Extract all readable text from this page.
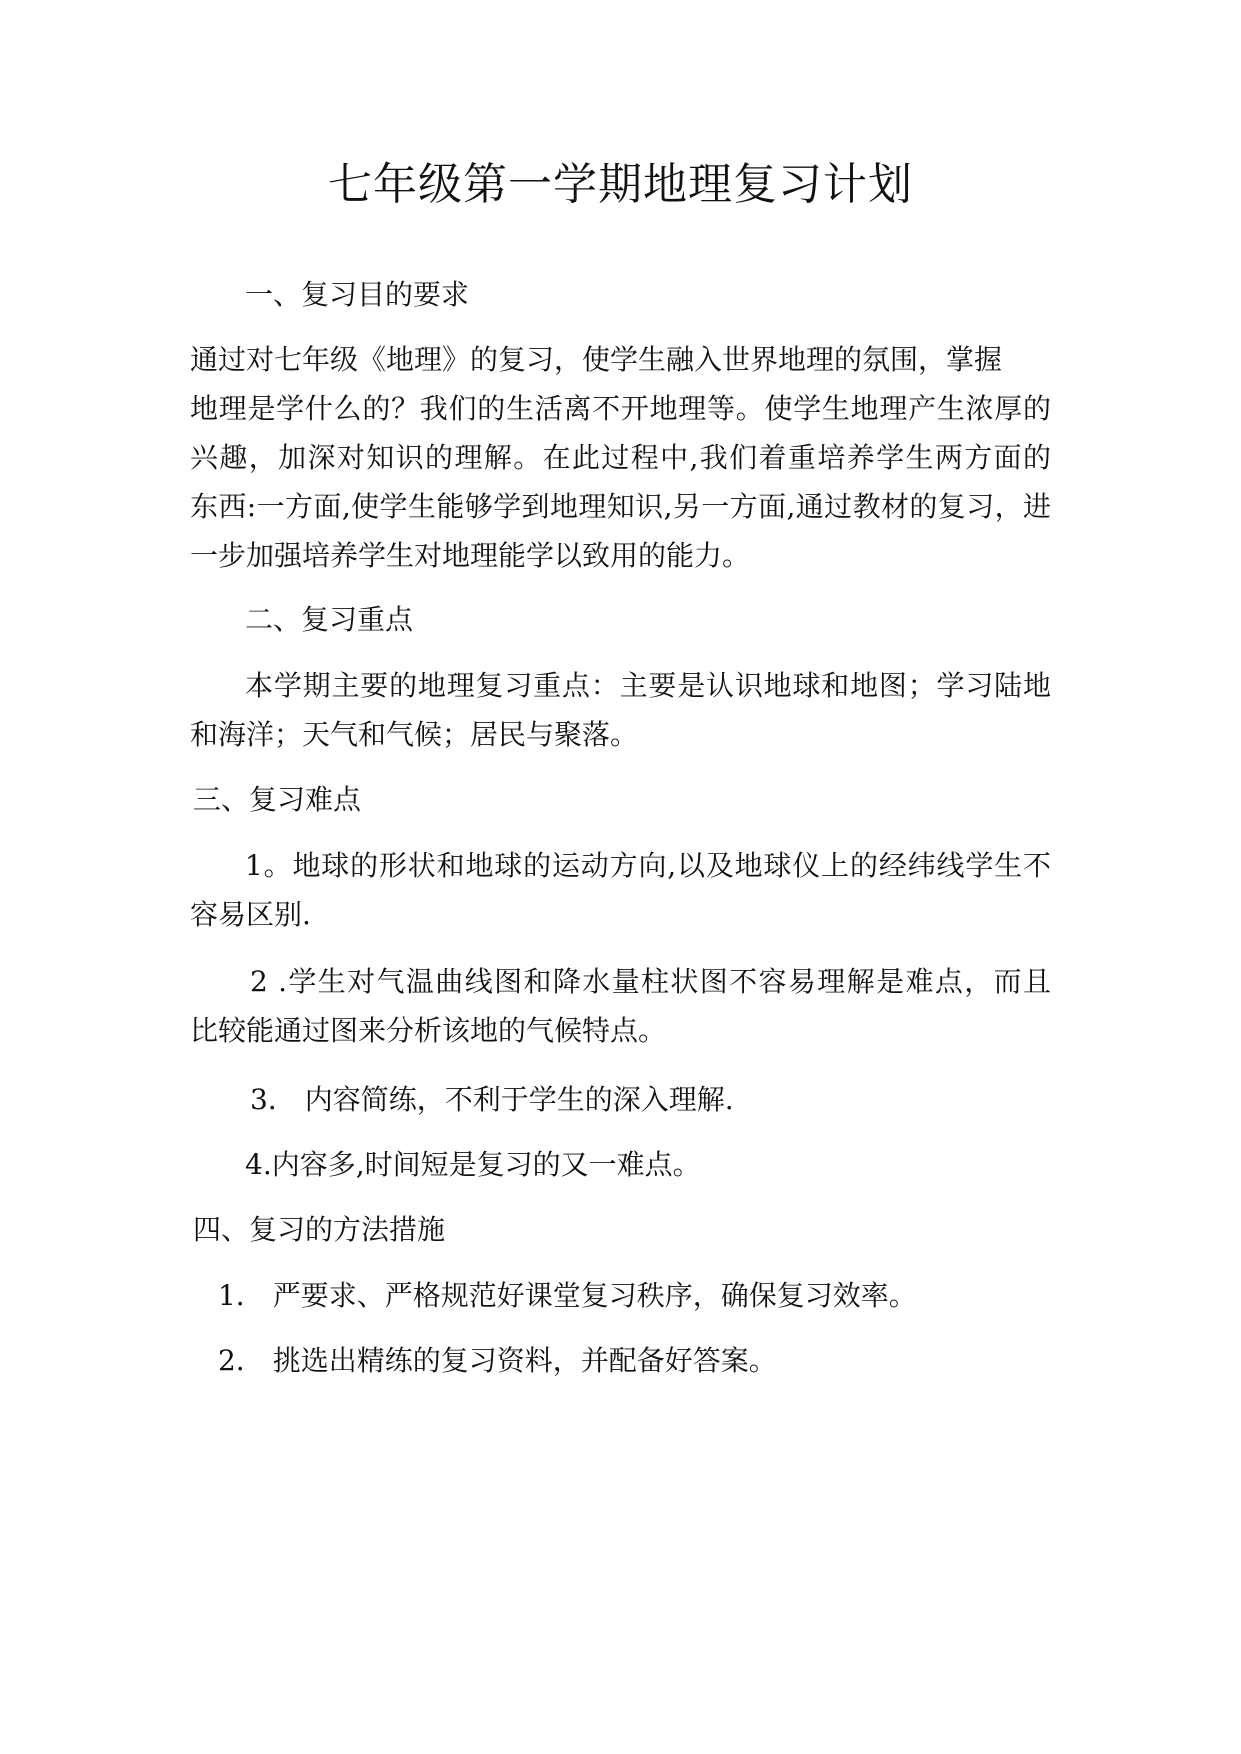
七年级第一学期地理复习计划
一、复习目的要求
通过对七年级《地理》的复习，使学生融入世界地理的氛围，掌握
地理是学什么的？我们的生活离不开地理等。使学生地理产生浓厚的
兴趣，加深对知识的理解。在此过程中,我们着重培养学生两方面的
东西:一方面,使学生能够学到地理知识,另一方面,通过教材的复习，进
一步加强培养学生对地理能学以致用的能力。
二、复习重点
本学期主要的地理复习重点：主要是认识地球和地图；学习陆地
和海洋；天气和气候；居民与聚落。
三、复习难点
1。地球的形状和地球的运动方向,以及地球仪上的经纬线学生不
容易区别.
2 .学生对气温曲线图和降水量柱状图不容易理解是难点，而且
比较能通过图来分析该地的气候特点。
3． 内容简练，不利于学生的深入理解.
4.内容多,时间短是复习的又一难点。
四、复习的方法措施
1． 严要求、严格规范好课堂复习秩序，确保复习效率。
2． 挑选出精练的复习资料，并配备好答案。
